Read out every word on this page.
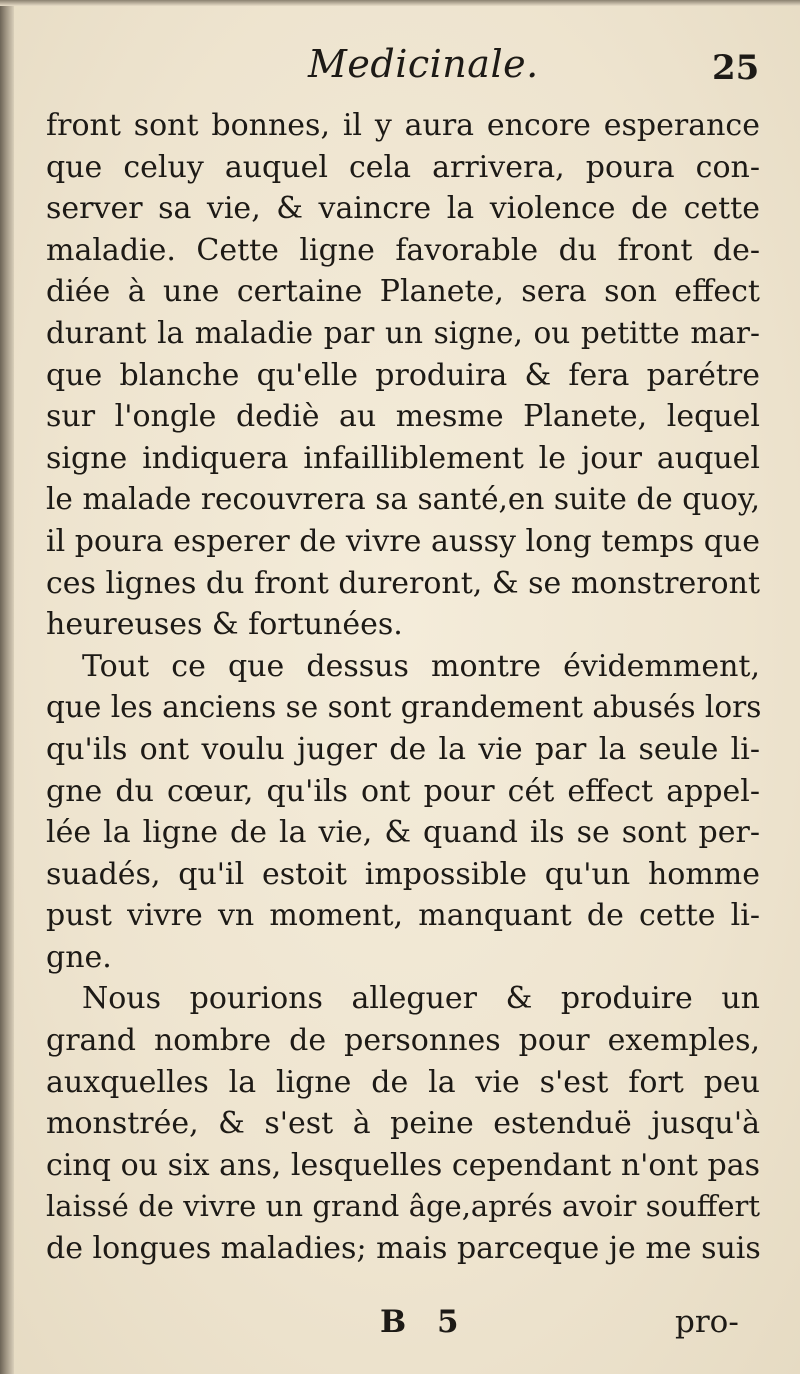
Medicinale.	25
front sont bonnes, il y aura encore esperance
que celuy auquel cela arrivera, poura con-
server sa vie, & vaincre la violence de cette
maladie. Cette ligne favorable du front de-
diée à une certaine Planete, sera son effect
durant la maladie par un signe, ou petitte mar-
que blanche qu'elle produira & fera parétre
sur l'ongle dediè au mesme Planete, lequel
signe indiquera infailliblement le jour auquel
le malade recouvrera sa santé,en suite de quoy,
il poura esperer de vivre aussy long temps que
ces lignes du front dureront, & se monstreront
heureuses & fortunées.
Tout ce que dessus montre évidemment,
que les anciens se sont grandement abusés lors
qu'ils ont voulu juger de la vie par la seule li-
gne du cœur, qu'ils ont pour cét effect appel-
lée la ligne de la vie, & quand ils se sont per-
suadés, qu'il estoit impossible qu'un homme
pust vivre vn moment, manquant de cette li-
gne.
Nous pourions alleguer & produire un
grand nombre de personnes pour exemples,
auxquelles la ligne de la vie s'est fort peu
monstrée, & s'est à peine estenduë jusqu'à
cinq ou six ans, lesquelles cependant n'ont pas
laissé de vivre un grand âge,aprés avoir souffert
de longues maladies; mais parceque je me suis
B 5	pro-
